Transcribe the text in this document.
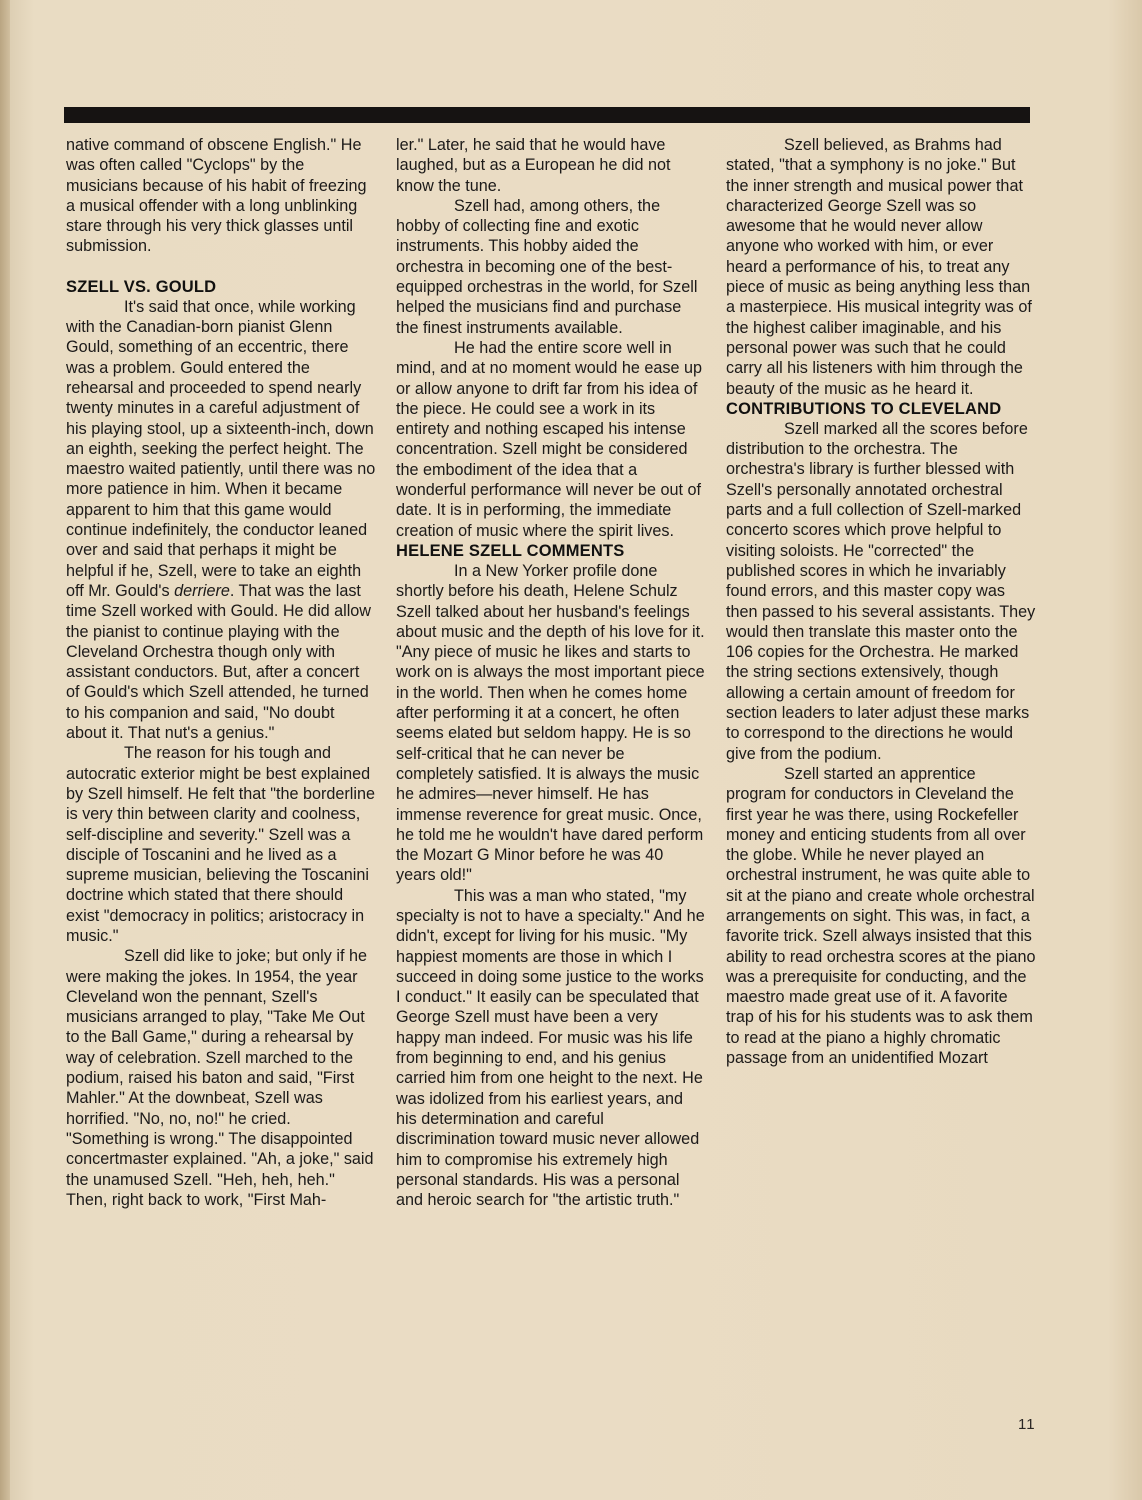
native command of obscene English." He was often called "Cyclops" by the musicians because of his habit of freezing a musical offender with a long unblinking stare through his very thick glasses until submission.

SZELL VS. GOULD

It's said that once, while working with the Canadian-born pianist Glenn Gould, something of an eccentric, there was a problem. Gould entered the rehearsal and proceeded to spend nearly twenty minutes in a careful adjustment of his playing stool, up a sixteenth-inch, down an eighth, seeking the perfect height. The maestro waited patiently, until there was no more patience in him. When it became apparent to him that this game would continue indefinitely, the conductor leaned over and said that perhaps it might be helpful if he, Szell, were to take an eighth off Mr. Gould's derriere. That was the last time Szell worked with Gould. He did allow the pianist to continue playing with the Cleveland Orchestra though only with assistant conductors. But, after a concert of Gould's which Szell attended, he turned to his companion and said, "No doubt about it. That nut's a genius."

The reason for his tough and autocratic exterior might be best explained by Szell himself. He felt that "the borderline is very thin between clarity and coolness, self-discipline and severity." Szell was a disciple of Toscanini and he lived as a supreme musician, believing the Toscanini doctrine which stated that there should exist "democracy in politics; aristocracy in music."

Szell did like to joke; but only if he were making the jokes. In 1954, the year Cleveland won the pennant, Szell's musicians arranged to play, "Take Me Out to the Ball Game," during a rehearsal by way of celebration. Szell marched to the podium, raised his baton and said, "First Mahler." At the downbeat, Szell was horrified. "No, no, no!" he cried. "Something is wrong." The disappointed concertmaster explained. "Ah, a joke," said the unamused Szell. "Heh, heh, heh." Then, right back to work, "First Mah-

ler." Later, he said that he would have laughed, but as a European he did not know the tune.

Szell had, among others, the hobby of collecting fine and exotic instruments. This hobby aided the orchestra in becoming one of the best-equipped orchestras in the world, for Szell helped the musicians find and purchase the finest instruments available.

He had the entire score well in mind, and at no moment would he ease up or allow anyone to drift far from his idea of the piece. He could see a work in its entirety and nothing escaped his intense concentration. Szell might be considered the embodiment of the idea that a wonderful performance will never be out of date. It is in performing, the immediate creation of music where the spirit lives.

HELENE SZELL COMMENTS

In a New Yorker profile done shortly before his death, Helene Schulz Szell talked about her husband's feelings about music and the depth of his love for it. "Any piece of music he likes and starts to work on is always the most important piece in the world. Then when he comes home after performing it at a concert, he often seems elated but seldom happy. He is so self-critical that he can never be completely satisfied. It is always the music he admires—never himself. He has immense reverence for great music. Once, he told me he wouldn't have dared perform the Mozart G Minor before he was 40 years old!"

This was a man who stated, "my specialty is not to have a specialty." And he didn't, except for living for his music. "My happiest moments are those in which I succeed in doing some justice to the works I conduct." It easily can be speculated that George Szell must have been a very happy man indeed. For music was his life from beginning to end, and his genius carried him from one height to the next. He was idolized from his earliest years, and his determination and careful discrimination toward music never allowed him to compromise his extremely high personal standards. His was a personal and heroic search for "the artistic truth."

Szell believed, as Brahms had stated, "that a symphony is no joke." But the inner strength and musical power that characterized George Szell was so awesome that he would never allow anyone who worked with him, or ever heard a performance of his, to treat any piece of music as being anything less than a masterpiece. His musical integrity was of the highest caliber imaginable, and his personal power was such that he could carry all his listeners with him through the beauty of the music as he heard it.

CONTRIBUTIONS TO CLEVELAND

Szell marked all the scores before distribution to the orchestra. The orchestra's library is further blessed with Szell's personally annotated orchestral parts and a full collection of Szell-marked concerto scores which prove helpful to visiting soloists. He "corrected" the published scores in which he invariably found errors, and this master copy was then passed to his several assistants. They would then translate this master onto the 106 copies for the Orchestra. He marked the string sections extensively, though allowing a certain amount of freedom for section leaders to later adjust these marks to correspond to the directions he would give from the podium.

Szell started an apprentice program for conductors in Cleveland the first year he was there, using Rockefeller money and enticing students from all over the globe. While he never played an orchestral instrument, he was quite able to sit at the piano and create whole orchestral arrangements on sight. This was, in fact, a favorite trick. Szell always insisted that this ability to read orchestra scores at the piano was a prerequisite for conducting, and the maestro made great use of it. A favorite trap of his for his students was to ask them to read at the piano a highly chromatic passage from an unidentified Mozart

11
